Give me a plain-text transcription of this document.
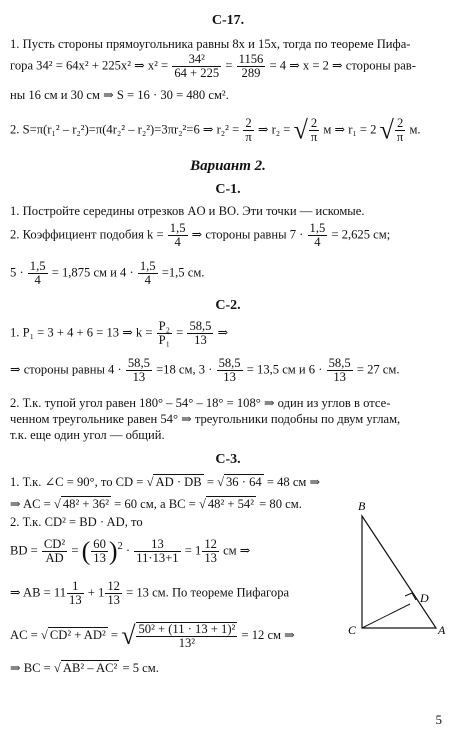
С-17.
1. Пусть стороны прямоугольника равны 8x и 15x, тогда по теореме Пифа-
гора 34² = 64x² + 225x² ⇒ $x^2 = \frac{\text{34²}}{64 + 225} = \frac{1156}{289} = 4$ ⇒ x = 2 ⇒ стороны рав-
ны 16 см и 30 см ⇒ S = 16 · 30 = 480 см².
2. S=π(r₁² – r₂²)=π(4r₂² – r₂²)=3πr₂²=6 ⇒ $r_2^2 = \frac{2}{\pi}$ ⇒ r₂ = √ $\frac{2}{\pi}$ м ⇒ r₁ = 2 √ $\frac{2}{\pi} м$.
Вариант 2.
С-1.
1. Постройте середины отрезков AO и BO. Эти точки — искомые.
2. Коэффициент подобия $k = \frac{1,5}{4}$ ⇒ стороны равны $7 \cdot \frac{1,5}{4} = 2,625$ см;
$5 \cdot \frac{1,5}{4} = 1,875$ см и $4 \cdot \frac{1,5}{4} =1,5$ см.
С-2.
1. P₁ = 3 + 4 + 6 = 13 ⇒ $k = \frac{\text{P₂}}{\text{P₁}} = \frac{58,5}{13}$ ⇒
⇒ стороны равны $4 \cdot \frac{58,5}{13} =18$ см, $3 \cdot \frac{58,5}{13} = 13,5$ см и $6 \cdot \frac{58,5}{13} = 27$ см.
2. Т.к. тупой угол равен 180° – 54° – 18° = 108° ⇒ один из углов в отсе-
ченном треугольнике равен 54° ⇒ треугольники подобны по двум углам,
т.к. еще один угол — общий.
С-3.
1. Т.к. ∠C = 90°, то CD = √ AD · DB = √ 36 · 64 = 48 см ⇒
⇒ AC = √ 48² + 36² = 60 см, а BC = √ 48² + 54² = 80 см.
2. Т.к. CD² = BD · AD, то
BD = $\frac{\text{CD²}}{AD}$ = ( $\frac{60}{13} )^2 \cdot \frac{13}{11\cdot 13+1} = 1 \frac{12}{13}$ см ⇒
⇒ AB = $11 \frac{1}{13} + 1 \frac{12}{13} = 13$ см. По теореме Пифагора
AC = √ CD² + AD² = √ $\frac{\text{50² + (11 · 13 + 1)²}}{\text{13²}} = 12$ см ⇒
⇒ BC = √ AB² – AC² = 5 см.
B
C	A
D
5
